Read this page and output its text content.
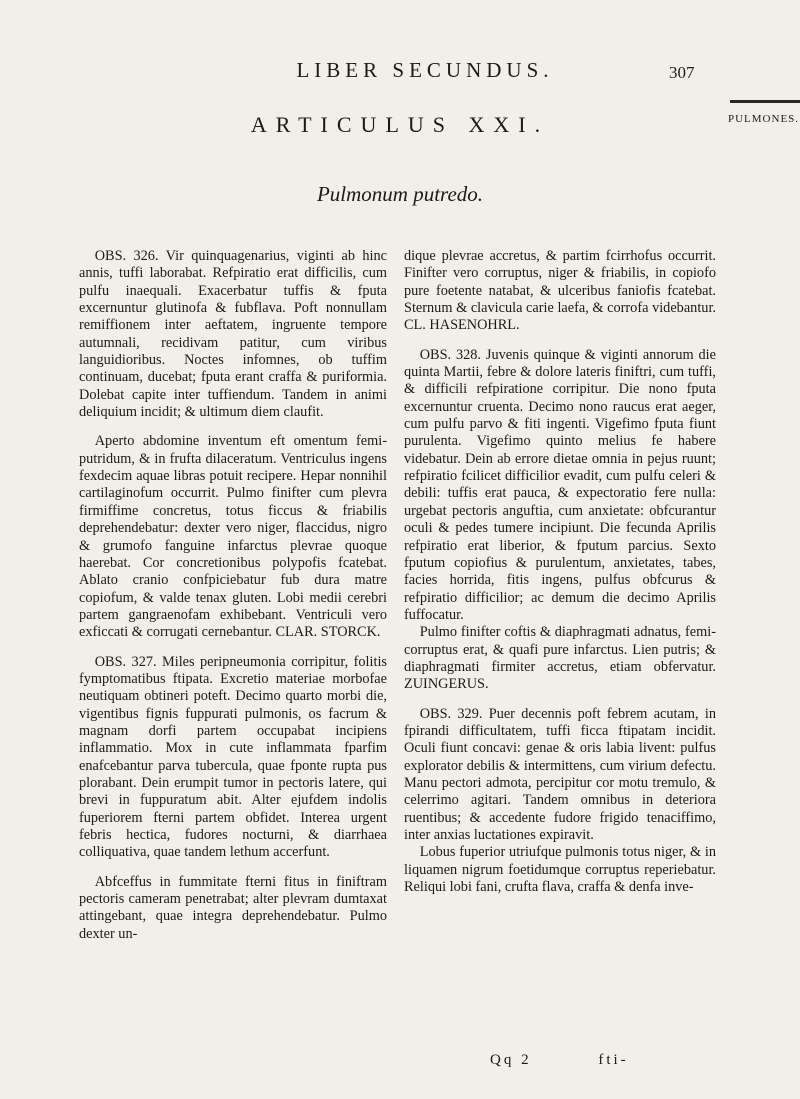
LIBER SECUNDUS.	307
ARTICULUS XXI.	PULMONES.
Pulmonum putredo.

OBS. 326. Vir quinquagenarius, viginti ab hinc annis, tuffi laborabat. Refpiratio erat difficilis, cum pulfu inaequali. Exacerbatur tuffis & fputa excernuntur glutinofa & fubflava. Poft nonnullam remiffionem inter aeftatem, ingruente tempore autumnali, recidivam patitur, cum viribus languidioribus. Noctes infomnes, ob tuffim continuam, ducebat; fputa erant craffa & puriformia. Dolebat capite inter tuffiendum. Tandem in animi deliquium incidit; & ultimum diem claufit.

Aperto abdomine inventum eft omentum femi-putridum, & in frufta dilaceratum. Ventriculus ingens fexdecim aquae libras potuit recipere. Hepar nonnihil cartilaginofum occurrit. Pulmo finifter cum plevra firmiffime concretus, totus ficcus & friabilis deprehendebatur: dexter vero niger, flaccidus, nigro & grumofo fanguine infarctus plevrae quoque haerebat. Cor concretionibus polypofis fcatebat. Ablato cranio confpiciebatur fub dura matre copiofum, & valde tenax gluten. Lobi medii cerebri partem gangraenofam exhibebant. Ventriculi vero exficcati & corrugati cernebantur. CLAR. STORCK.

OBS. 327. Miles peripneumonia corripitur, folitis fymptomatibus ftipata. Excretio materiae morbofae neutiquam obtineri poteft. Decimo quarto morbi die, vigentibus fignis fuppurati pulmonis, os facrum & magnam dorfi partem occupabat incipiens inflammatio. Mox in cute inflammata fparfim enafcebantur parva tubercula, quae fponte rupta pus plorabant. Dein erumpit tumor in pectoris latere, qui brevi in fuppuratum abit. Alter ejufdem indolis fuperiorem fterni partem obfidet. Interea urgent febris hectica, fudores nocturni, & diarrhaea colliquativa, quae tandem lethum accerfunt.

Abfceffus in fummitate fterni fitus in finiftram pectoris cameram penetrabat; alter plevram dumtaxat attingebant, quae integra deprehendebatur. Pulmo dexter un-

dique plevrae accretus, & partim fcirrhofus occurrit. Finifter vero corruptus, niger & friabilis, in copiofo pure foetente natabat, & ulceribus faniofis fcatebat. Sternum & clavicula carie laefa, & corrofa videbantur. CL. HASENOHRL.

OBS. 328. Juvenis quinque & viginti annorum die quinta Martii, febre & dolore lateris finiftri, cum tuffi, & difficili refpiratione corripitur. Die nono fputa excernuntur cruenta. Decimo nono raucus erat aeger, cum pulfu parvo & fiti ingenti. Vigefimo fputa fiunt purulenta. Vigefimo quinto melius fe habere videbatur. Dein ab errore dietae omnia in pejus ruunt; refpiratio fcilicet difficilior evadit, cum pulfu celeri & debili: tuffis erat pauca, & expectoratio fere nulla: urgebat pectoris anguftia, cum anxietate: obfcurantur oculi & pedes tumere incipiunt. Die fecunda Aprilis refpiratio erat liberior, & fputum parcius. Sexto fputum copiofius & purulentum, anxietates, tabes, facies horrida, fitis ingens, pulfus obfcurus & refpiratio difficilior; ac demum die decimo Aprilis fuffocatur.

Pulmo finifter coftis & diaphragmati adnatus, femi-corruptus erat, & quafi pure infarctus. Lien putris; & diaphragmati firmiter accretus, etiam obfervatur. ZUINGERUS.

OBS. 329. Puer decennis poft febrem acutam, in fpirandi difficultatem, tuffi ficca ftipatam incidit. Oculi fiunt concavi: genae & oris labia livent: pulfus explorator debilis & intermittens, cum virium defectu. Manu pectori admota, percipitur cor motu tremulo, & celerrimo agitari. Tandem omnibus in deteriora ruentibus; & accedente fudore frigido tenaciffimo, inter anxias luctationes expiravit.

Lobus fuperior utriufque pulmonis totus niger, & in liquamen nigrum foetidumque corruptus reperiebatur. Reliqui lobi fani, crufta flava, craffa & denfa inve-

Qq 2	fti-
